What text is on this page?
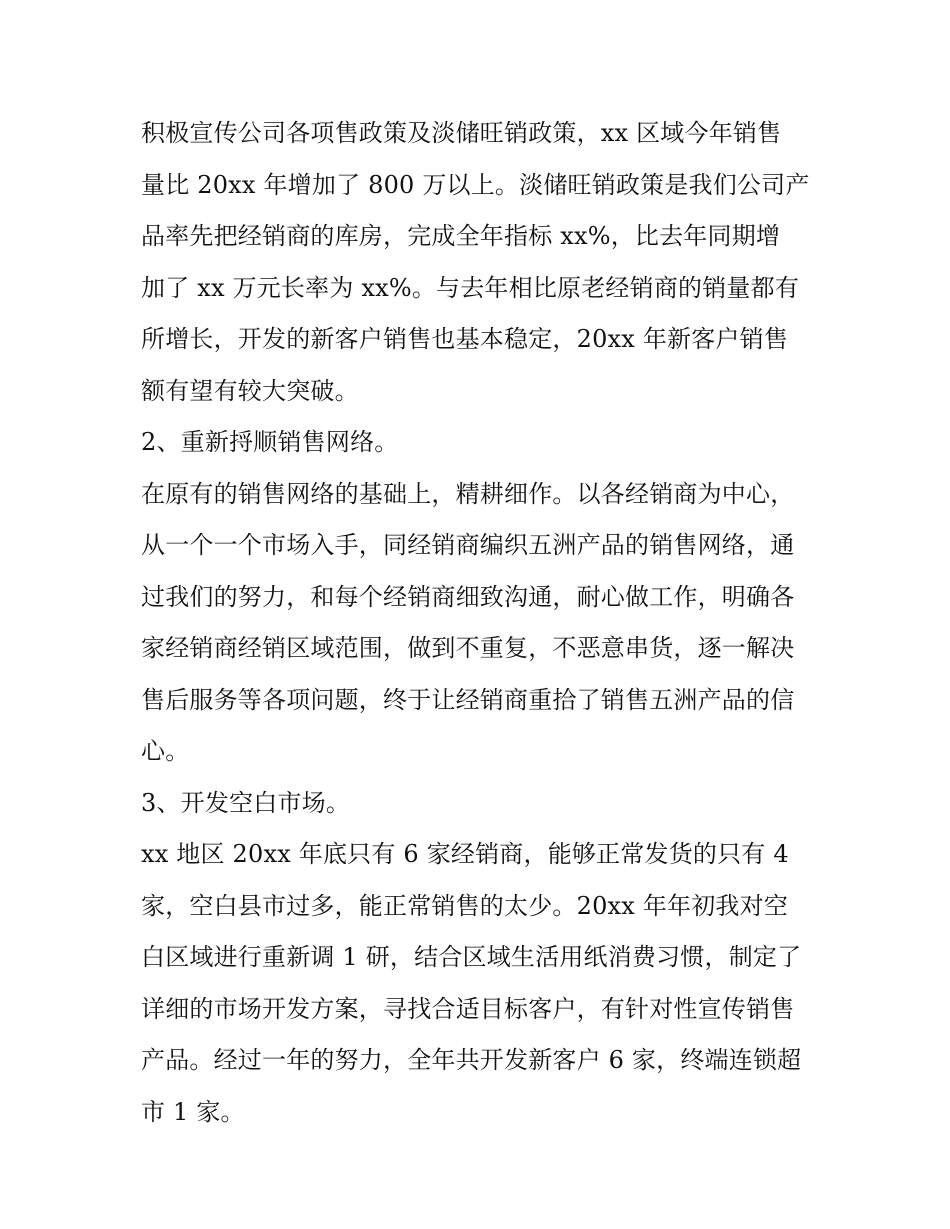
积极宣传公司各项售政策及淡储旺销政策，xx 区域今年销售
量比 20xx 年增加了 800 万以上。淡储旺销政策是我们公司产
品率先把经销商的库房，完成全年指标 xx%，比去年同期增
加了 xx 万元长率为 xx%。与去年相比原老经销商的销量都有
所增长，开发的新客户销售也基本稳定，20xx 年新客户销售
额有望有较大突破。
2、重新捋顺销售网络。
在原有的销售网络的基础上，精耕细作。以各经销商为中心，
从一个一个市场入手，同经销商编织五洲产品的销售网络，通
过我们的努力，和每个经销商细致沟通，耐心做工作，明确各
家经销商经销区域范围，做到不重复，不恶意串货，逐一解决
售后服务等各项问题，终于让经销商重拾了销售五洲产品的信
心。
3、开发空白市场。
xx 地区 20xx 年底只有 6 家经销商，能够正常发货的只有 4
家，空白县市过多，能正常销售的太少。20xx 年年初我对空
白区域进行重新调 1 研，结合区域生活用纸消费习惯，制定了
详细的市场开发方案，寻找合适目标客户，有针对性宣传销售
产品。经过一年的努力，全年共开发新客户 6 家，终端连锁超
市 1 家。
